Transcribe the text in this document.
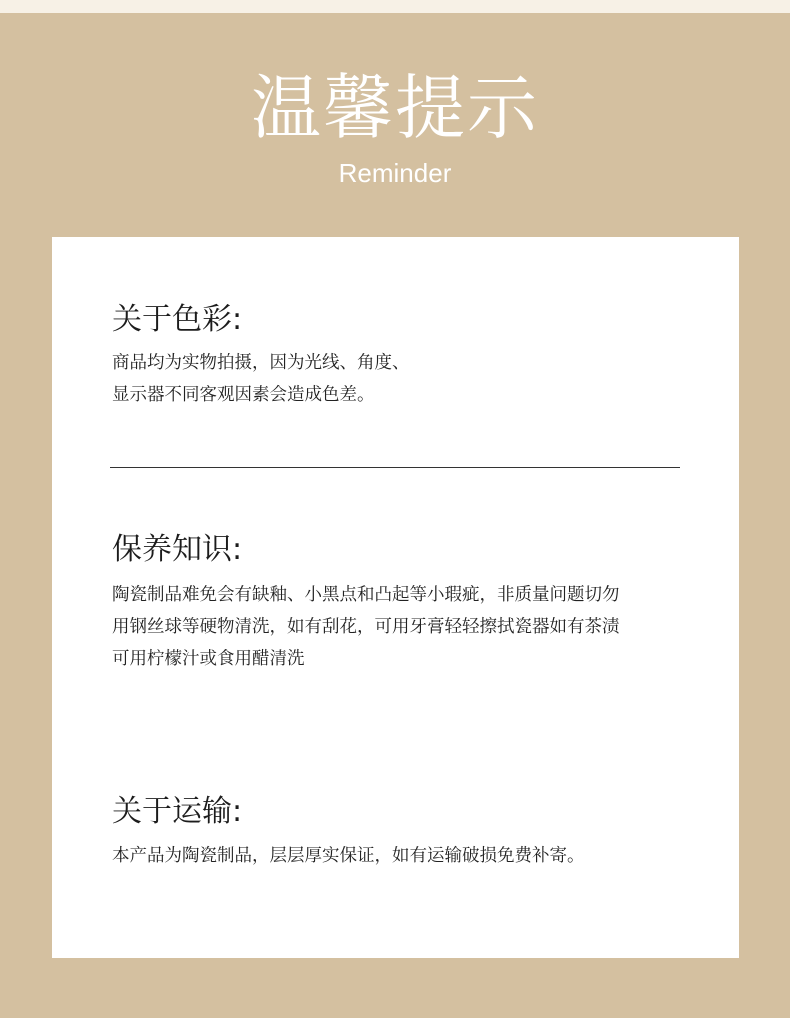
温馨提示
Reminder
关于色彩:

商品均为实物拍摄，因为光线、角度、
显示器不同客观因素会造成色差。

保养知识:

陶瓷制品难免会有缺釉、小黑点和凸起等小瑕疵，非质量问题切勿
用钢丝球等硬物清洗，如有刮花，可用牙膏轻轻擦拭瓷器如有茶渍
可用柠檬汁或食用醋清洗

关于运输:

本产品为陶瓷制品，层层厚实保证，如有运输破损免费补寄。
